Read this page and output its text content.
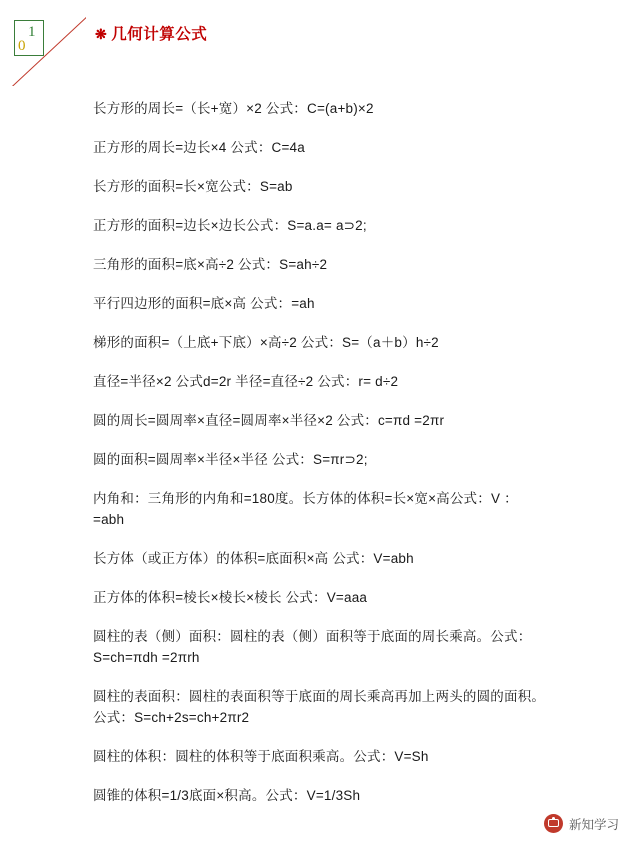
1
0
❋ 几何计算公式
长方形的周长=（长+宽）×2 公式：C=(a+b)×2
正方形的周长=边长×4 公式：C=4a
长方形的面积=长×宽公式：S=ab
正方形的面积=边长×边长公式：S=a.a= a⊃2;
三角形的面积=底×高÷2 公式：S=ah÷2
平行四边形的面积=底×高 公式：=ah
梯形的面积=（上底+下底）×高÷2 公式：S=（a＋b）h÷2
直径=半径×2 公式d=2r 半径=直径÷2 公式：r= d÷2
圆的周长=圆周率×直径=圆周率×半径×2 公式：c=πd =2πr
圆的面积=圆周率×半径×半径 公式：S=πr⊃2;
内角和：三角形的内角和=180度。长方体的体积=长×宽×高公式：V ：=abh
长方体（或正方体）的体积=底面积×高 公式：V=abh
正方体的体积=棱长×棱长×棱长 公式：V=aaa
圆柱的表（侧）面积：圆柱的表（侧）面积等于底面的周长乘高。公式：S=ch=πdh =2πrh
圆柱的表面积：圆柱的表面积等于底面的周长乘高再加上两头的圆的面积。公式：S=ch+2s=ch+2πr2
圆柱的体积：圆柱的体积等于底面积乘高。公式：V=Sh
圆锥的体积=1/3底面×积高。公式：V=1/3Sh
新知学习
